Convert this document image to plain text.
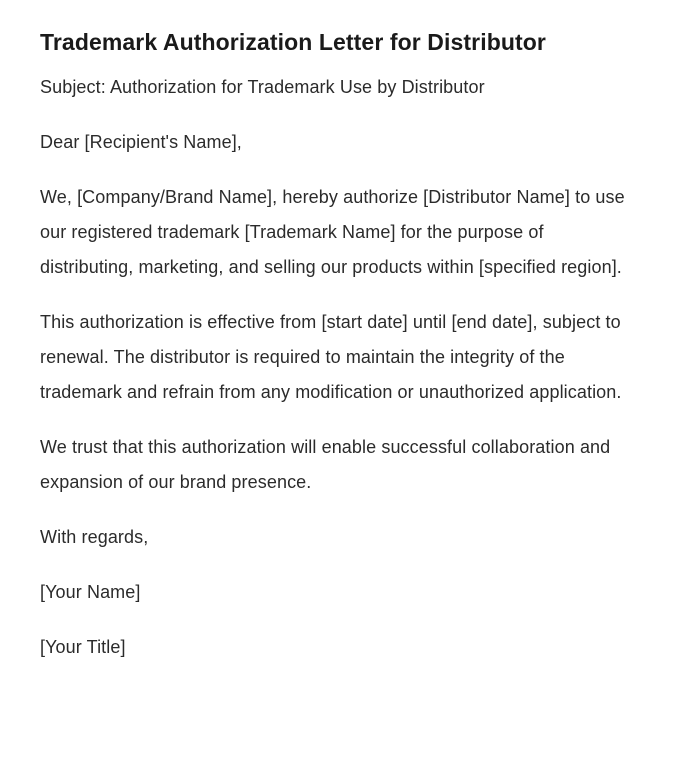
Trademark Authorization Letter for Distributor

Subject: Authorization for Trademark Use by Distributor

Dear [Recipient's Name],

We, [Company/Brand Name], hereby authorize [Distributor Name] to use our registered trademark [Trademark Name] for the purpose of distributing, marketing, and selling our products within [specified region].

This authorization is effective from [start date] until [end date], subject to renewal. The distributor is required to maintain the integrity of the trademark and refrain from any modification or unauthorized application.

We trust that this authorization will enable successful collaboration and expansion of our brand presence.

With regards,

[Your Name]

[Your Title]
